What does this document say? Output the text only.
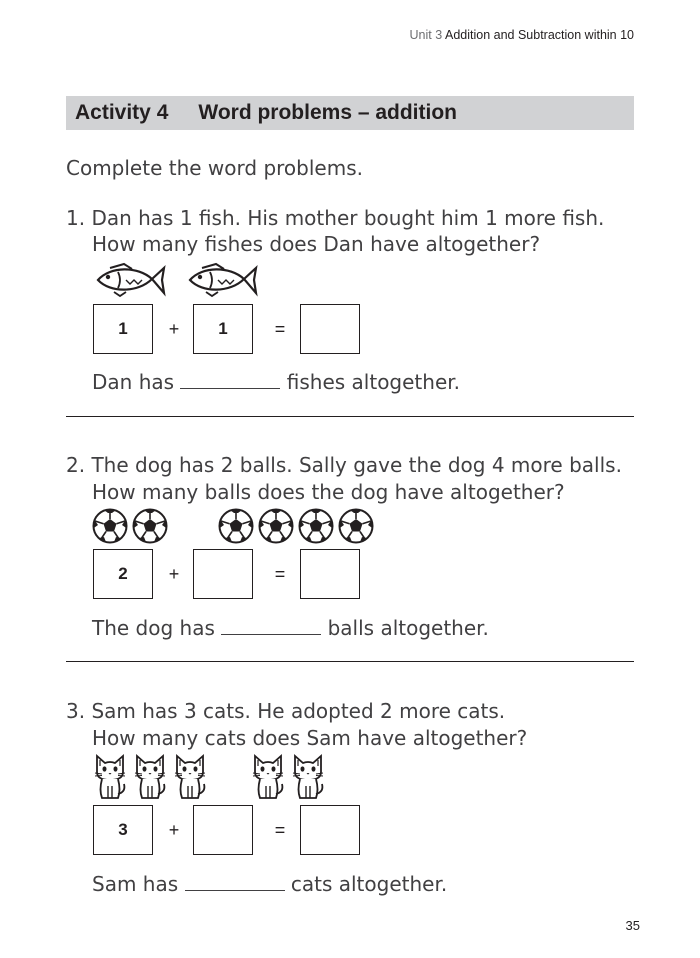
Unit 3 Addition and Subtraction within 10
Activity 4 Word problems – addition
Complete the word problems.
1. Dan has 1 fish. His mother bought him 1 more fish.
How many fishes does Dan have altogether?
1	+	1	=
Dan has	fishes altogether.
2. The dog has 2 balls. Sally gave the dog 4 more balls.
How many balls does the dog have altogether?
2	+	=
The dog has	balls altogether.
3. Sam has 3 cats. He adopted 2 more cats.
How many cats does Sam have altogether?
3	+	=
Sam has	cats altogether.
35
